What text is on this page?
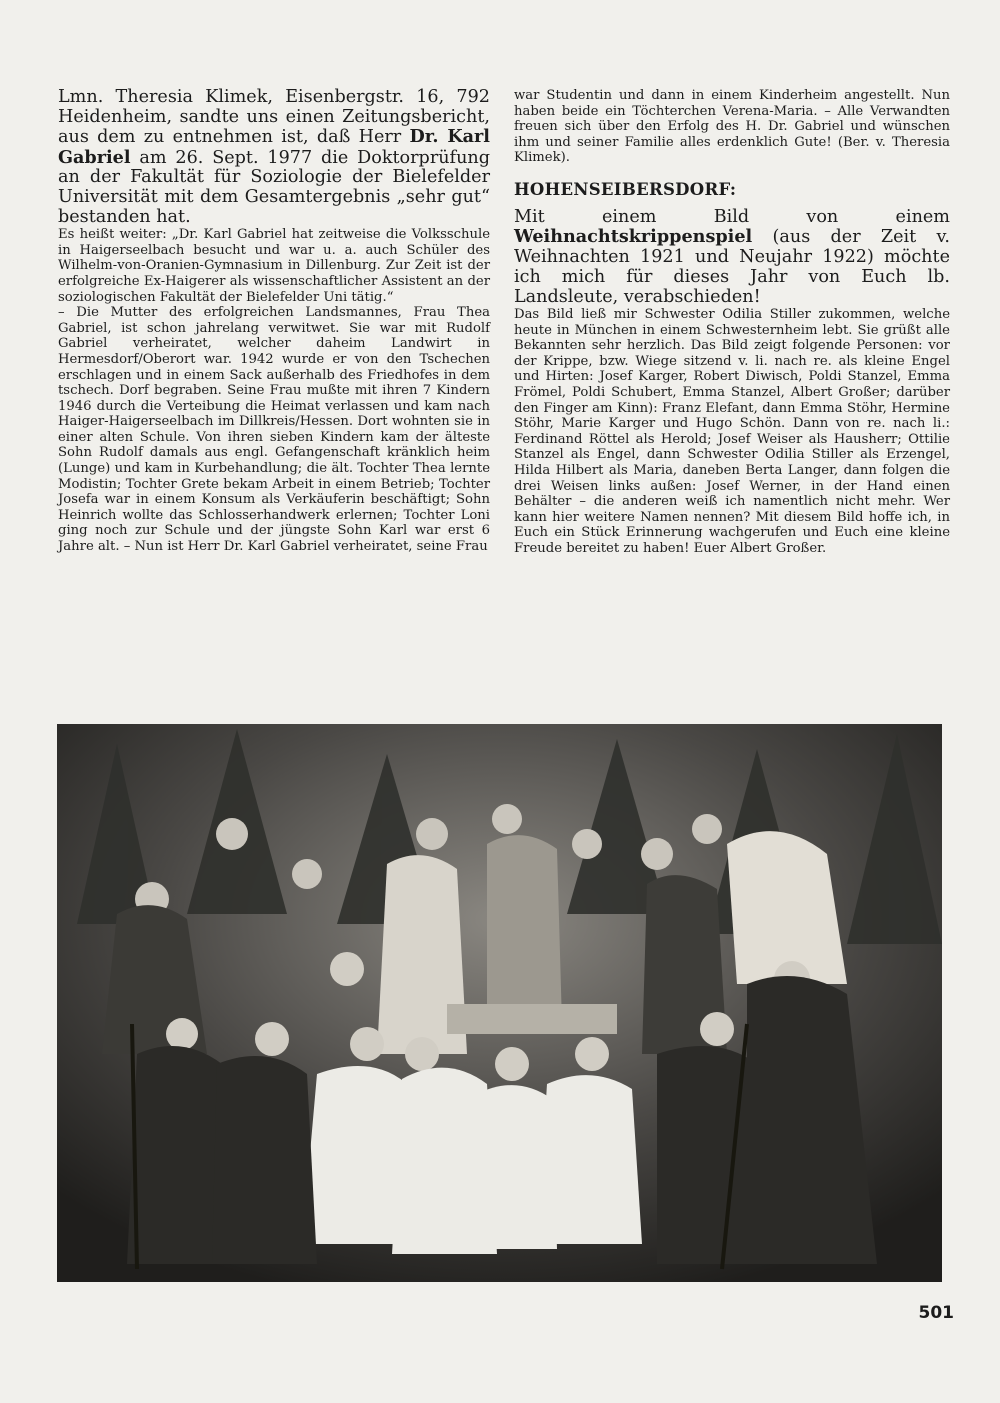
Lmn. Theresia Klimek, Eisenbergstr. 16, 792 Heidenheim, sandte uns einen Zeitungsbericht, aus dem zu entnehmen ist, daß Herr Dr. Karl Gabriel am 26. Sept. 1977 die Doktorprüfung an der Fakultät für Soziologie der Bielefelder Universität mit dem Gesamtergebnis „sehr gut“ bestanden hat.

Es heißt weiter: „Dr. Karl Gabriel hat zeitweise die Volksschule in Haigerseelbach besucht und war u. a. auch Schüler des Wilhelm-von-Oranien-Gymnasium in Dillenburg. Zur Zeit ist der erfolgreiche Ex-Haigerer als wissenschaftlicher Assistent an der soziologischen Fakultät der Bielefelder Uni tätig.“

– Die Mutter des erfolgreichen Landsmannes, Frau Thea Gabriel, ist schon jahrelang verwitwet. Sie war mit Rudolf Gabriel verheiratet, welcher daheim Landwirt in Hermesdorf/Oberort war. 1942 wurde er von den Tschechen erschlagen und in einem Sack außerhalb des Friedhofes in dem tschech. Dorf begraben. Seine Frau mußte mit ihren 7 Kindern 1946 durch die Verteibung die Heimat verlassen und kam nach Haiger-Haigerseelbach im Dillkreis/Hessen. Dort wohnten sie in einer alten Schule. Von ihren sieben Kindern kam der älteste Sohn Rudolf damals aus engl. Gefangenschaft kränklich heim (Lunge) und kam in Kurbehandlung; die ält. Tochter Thea lernte Modistin; Tochter Grete bekam Arbeit in einem Betrieb; Tochter Josefa war in einem Konsum als Verkäuferin beschäftigt; Sohn Heinrich wollte das Schlosserhandwerk erlernen; Tochter Loni ging noch zur Schule und der jüngste Sohn Karl war erst 6 Jahre alt. – Nun ist Herr Dr. Karl Gabriel verheiratet, seine Frau

war Studentin und dann in einem Kinderheim angestellt. Nun haben beide ein Töchterchen Verena-Maria. – Alle Verwandten freuen sich über den Erfolg des H. Dr. Gabriel und wünschen ihm und seiner Familie alles erdenklich Gute! (Ber. v. Theresia Klimek).

HOHENSEIBERSDORF:

Mit einem Bild von einem Weihnachtskrippenspiel (aus der Zeit v. Weihnachten 1921 und Neujahr 1922) möchte ich mich für dieses Jahr von Euch lb. Landsleute, verabschieden!

Das Bild ließ mir Schwester Odilia Stiller zukommen, welche heute in München in einem Schwesternheim lebt. Sie grüßt alle Bekannten sehr herzlich. Das Bild zeigt folgende Personen: vor der Krippe, bzw. Wiege sitzend v. li. nach re. als kleine Engel und Hirten: Josef Karger, Robert Diwisch, Poldi Stanzel, Emma Frömel, Poldi Schubert, Emma Stanzel, Albert Großer; darüber den Finger am Kinn): Franz Elefant, dann Emma Stöhr, Hermine Stöhr, Marie Karger und Hugo Schön. Dann von re. nach li.: Ferdinand Röttel als Herold; Josef Weiser als Hausherr; Ottilie Stanzel als Engel, dann Schwester Odilia Stiller als Erzengel, Hilda Hilbert als Maria, daneben Berta Langer, dann folgen die drei Weisen links außen: Josef Werner, in der Hand einen Behälter – die anderen weiß ich namentlich nicht mehr. Wer kann hier weitere Namen nennen? Mit diesem Bild hoffe ich, in Euch ein Stück Erinnerung wachgerufen und Euch eine kleine Freude bereitet zu haben! Euer Albert Großer.

501
